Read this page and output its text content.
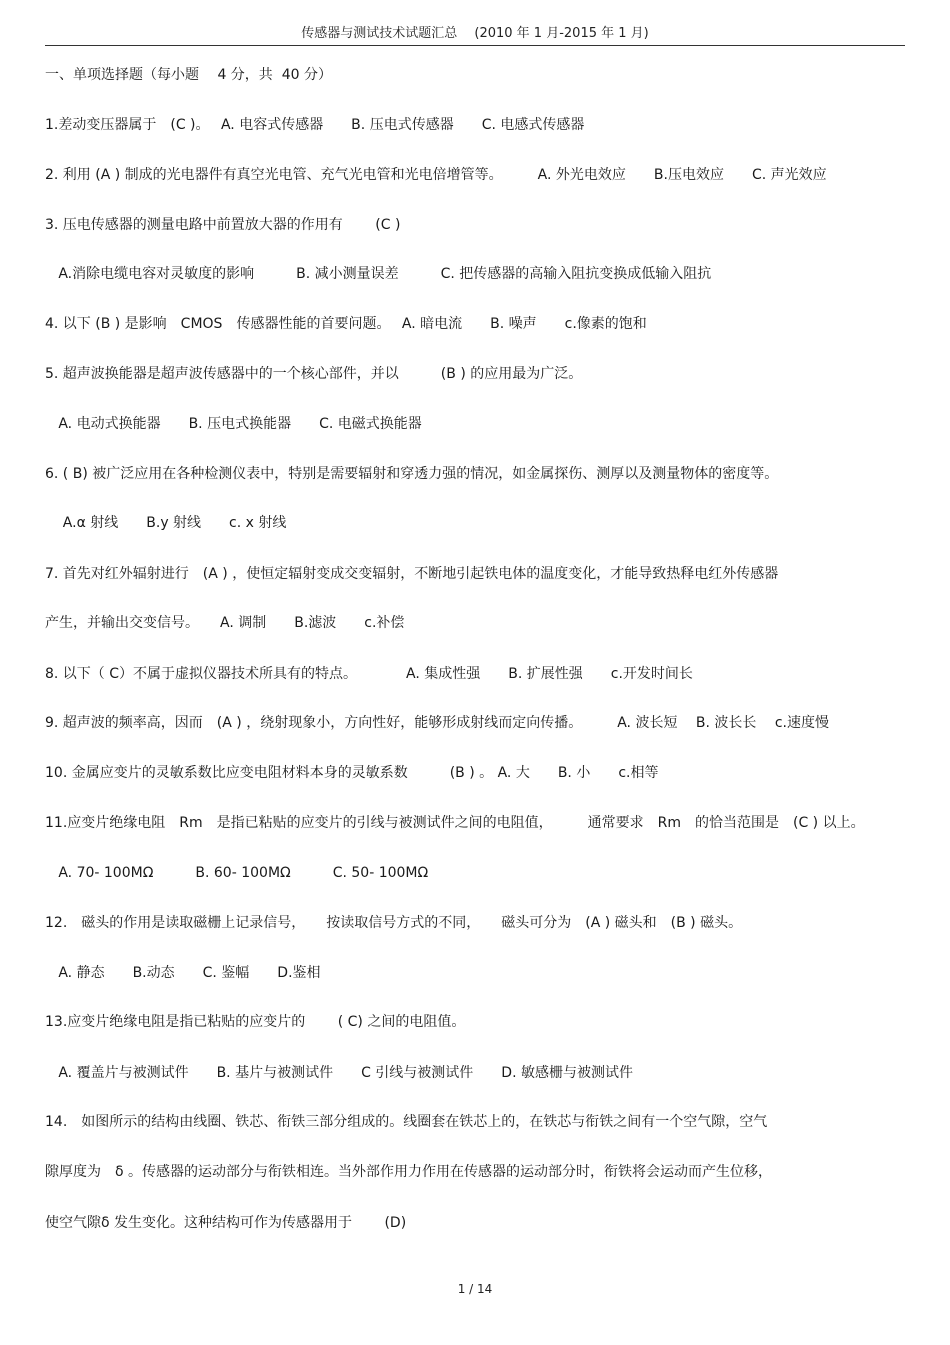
传感器与测试技术试题汇总 　(2010 年 1 月-2015 年 1 月)
一、单项选择题（每小题　 4 分，共  40 分）
1.差动变压器属于　(C )。　 A. 电容式传感器　　B. 压电式传感器　　C. 电感式传感器
2. 利用 (A ) 制成的光电器件有真空光电管、充气光电管和光电倍增管等。　　　A. 外光电效应　　B.压电效应　　C. 声光效应
3. 压电传感器的测量电路中前置放大器的作用有　　 (C )
A.消除电缆电容对灵敏度的影响　　　B. 减小测量误差　　　C. 把传感器的高输入阻抗变换成低输入阻抗
4. 以下 (B ) 是影响　CMOS　传感器性能的首要问题。　 A. 暗电流　　B. 噪声　　c.像素的饱和
5. 超声波换能器是超声波传感器中的一个核心部件，并以　　　(B ) 的应用最为广泛。
A. 电动式换能器　　B. 压电式换能器　　C. 电磁式换能器
6. ( B) 被广泛应用在各种检测仪表中，特别是需要辐射和穿透力强的情况，如金属探伤、测厚以及测量物体的密度等。
A.α 射线　　B.y 射线　　c. x 射线
7. 首先对红外辐射进行　(A ) ，使恒定辐射变成交变辐射，不断地引起铁电体的温度变化，才能导致热释电红外传感器
产生，并输出交变信号。　　A. 调制　　B.滤波　　c.补偿
8. 以下（ C）不属于虚拟仪器技术所具有的特点。　　　　A. 集成性强　　B. 扩展性强　　c.开发时间长
9. 超声波的频率高，因而　(A ) ，绕射现象小，方向性好，能够形成射线而定向传播。　　　A. 波长短　 B. 波长长　 c.速度慢
10. 金属应变片的灵敏系数比应变电阻材料本身的灵敏系数　　　(B ) 。 A. 大　　B. 小　　c.相等
11.应变片绝缘电阻　Rm　是指已粘贴的应变片的引线与被测试件之间的电阻值，　　　通常要求　Rm　的恰当范围是　(C ) 以上。
A. 70- 100MΩ　　　B. 60- 100MΩ　　　C. 50- 100MΩ
12.　磁头的作用是读取磁栅上记录信号，　　按读取信号方式的不同，　　磁头可分为　(A ) 磁头和　(B ) 磁头。
A. 静态　　B.动态　　C. 鉴幅　　D.鉴相
13.应变片绝缘电阻是指已粘贴的应变片的　　 ( C) 之间的电阻值。
A. 覆盖片与被测试件　　B. 基片与被测试件　　C 引线与被测试件　　D. 敏感栅与被测试件
14.　如图所示的结构由线圈、铁芯、衔铁三部分组成的。线圈套在铁芯上的，在铁芯与衔铁之间有一个空气隙，空气
隙厚度为　δ 。传感器的运动部分与衔铁相连。当外部作用力作用在传感器的运动部分时，衔铁将会运动而产生位移，
使空气隙δ 发生变化。这种结构可作为传感器用于　　 (D)
1 / 14
